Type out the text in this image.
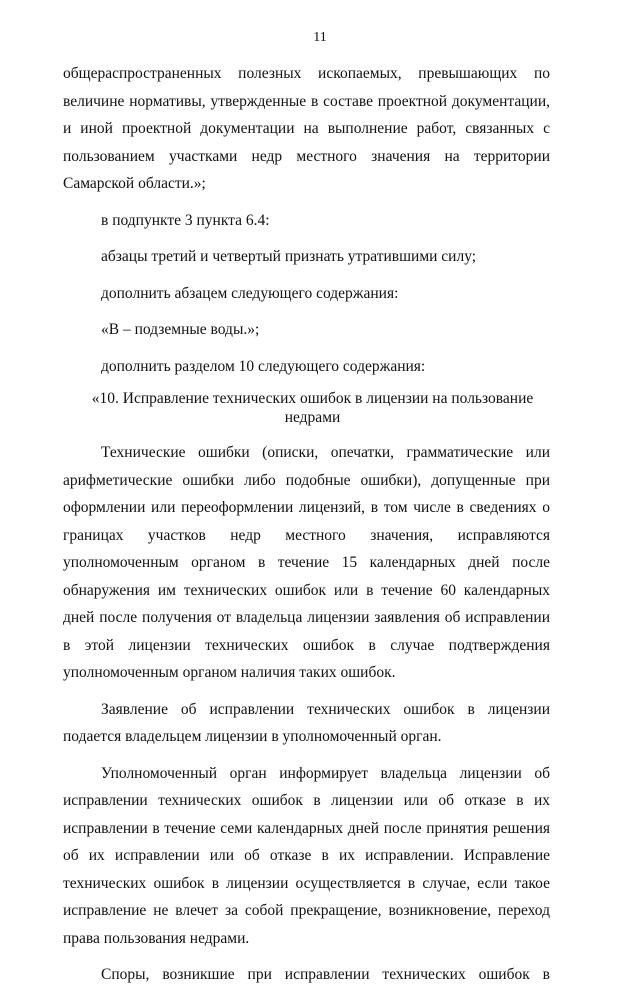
11

общераспространенных полезных ископаемых, превышающих по величине нормативы, утвержденные в составе проектной документации, и иной проектной документации на выполнение работ, связанных с пользованием участками недр местного значения на территории Самарской области.»;

в подпункте 3 пункта 6.4:

абзацы третий и четвертый признать утратившими силу;

дополнить абзацем следующего содержания:

«В – подземные воды.»;

дополнить разделом 10 следующего содержания:

«10. Исправление технических ошибок в лицензии на пользование

недрами

Технические ошибки (описки, опечатки, грамматические или арифметические ошибки либо подобные ошибки), допущенные при оформлении или переоформлении лицензий, в том числе в сведениях о границах участков недр местного значения, исправляются уполномоченным органом в течение 15 календарных дней после обнаружения им технических ошибок или в течение 60 календарных дней после получения от владельца лицензии заявления об исправлении в этой лицензии технических ошибок в случае подтверждения уполномоченным органом наличия таких ошибок.

Заявление об исправлении технических ошибок в лицензии подается владельцем лицензии в уполномоченный орган.

Уполномоченный орган информирует владельца лицензии об исправлении технических ошибок в лицензии или об отказе в их исправлении в течение семи календарных дней после принятия решения об их исправлении или об отказе в их исправлении. Исправление технических ошибок в лицензии осуществляется в случае, если такое исправление не влечет за собой прекращение, возникновение, переход права пользования недрами.

Споры, возникшие при исправлении технических ошибок в
